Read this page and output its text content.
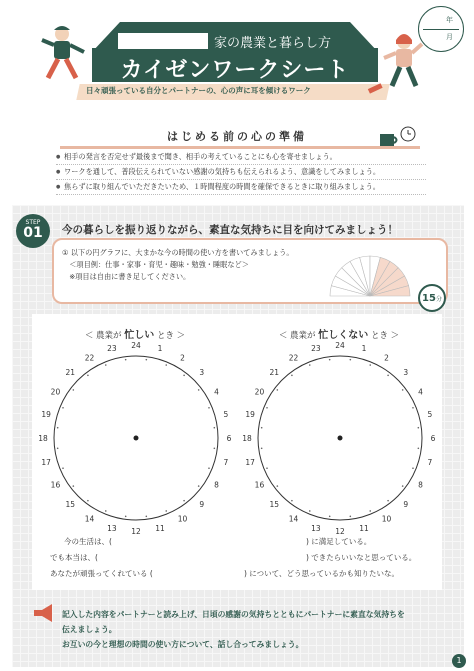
家の農業と暮らし方
カイゼンワークシート
日々頑張っている自分とパートナーの、心の声に耳を傾けるワーク
年
月
はじめる前の心の準備
● 相手の発言を否定せず最後まで聞き、相手の考えていることにも心を寄せましょう。
● ワークを通して、普段伝えられていない感謝の気持ちも伝えられるよう、意識をしてみましょう。
● 焦らずに取り組んでいただきたいため、１時間程度の時間を確保できるときに取り組みましょう。
STEP
01	今の暮らしを振り返りながら、素直な気持ちに目を向けてみましょう！
① 以下の円グラフに、大まかな今の時間の使い方を書いてみましょう。
　＜項目例：仕事・家事・育児・趣味・勉強・睡眠など＞
　※項目は自由に書き足してください。
15分
＜ 農業が 忙しい とき ＞	＜ 農業が 忙しくない とき ＞
24 1
2
3
4
5
6
7
8
9
10
11
12
13
14
15
16
17
18
19
20
21
22
23	24 1
2
3
4
5
6
7
8
9
10
11
12
13
14
15
16
17
18
19
20
21
22
23
今の生活は、(	) に満足している。
でも本当は、(	) できたらいいなと思っている。
あなたが頑張ってくれている (	) について、どう思っているかも知りたいな。
記入した内容をパートナーと読み上げ、日頃の感謝の気持ちとともにパートナーに素直な気持ちを
伝えましょう。
お互いの今と理想の時間の使い方について、話し合ってみましょう。
1
